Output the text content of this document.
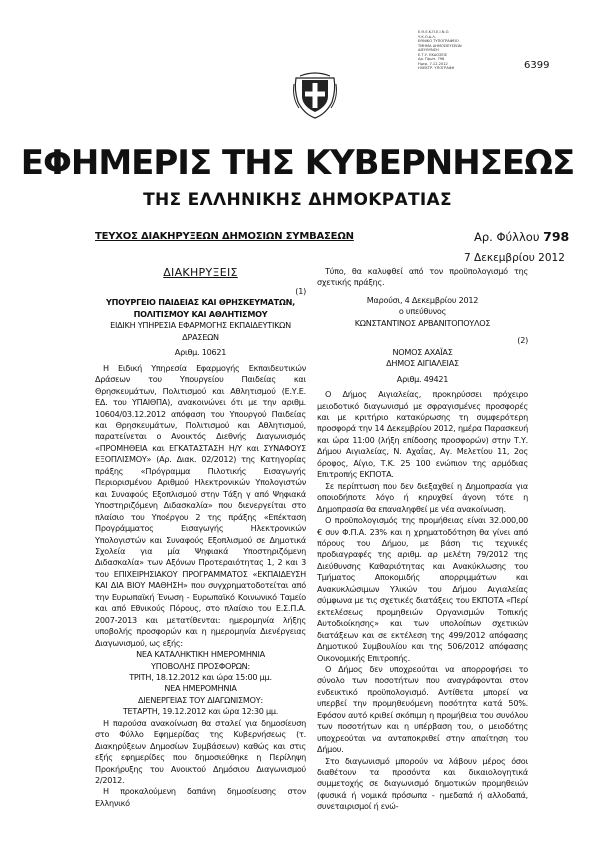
Ε.Θ.Ε.Κ.Π.Ε.Ι.Ν.Ο.
Υ.Κ.Ο.Δ.Λ.
ΕΘΝΙΚΟ ΤΥΠΟΓΡΑΦΕΙΟ
ΤΜΗΜΑ ΔΗΜΟΣΙΕΥΣΕΩΝ
ΔΙΕΥΘΥΝΣΗ
Ε.Τ.Υ. ΕΚΔΟΣΕΙΣ
Αρ. Πρωτ. 798
Ημερ. 7.12.2012
ΗΛΕΚΤΡ. ΥΠΟΓΡΑΦΗ	6399
ΕΦΗΜΕΡΙΣ ΤΗΣ ΚΥΒΕΡΝΗΣΕΩΣ
ΤΗΣ ΕΛΛΗΝΙΚΗΣ ΔΗΜΟΚΡΑΤΙΑΣ
ΤΕΥΧΟΣ ΔΙΑΚΗΡΥΞΕΩΝ ΔΗΜΟΣΙΩΝ ΣΥΜΒΑΣΕΩΝ	Αρ. Φύλλου 798
7 Δεκεμβρίου 2012
ΔΙΑΚΗΡΥΞΕΙΣ
(1)
ΥΠΟΥΡΓΕΙΟ ΠΑΙΔΕΙΑΣ ΚΑΙ ΘΡΗΣΚΕΥΜΑΤΩΝ, ΠΟΛΙΤΙΣΜΟΥ ΚΑΙ ΑΘΛΗΤΙΣΜΟΥ
ΕΙΔΙΚΗ ΥΠΗΡΕΣΙΑ ΕΦΑΡΜΟΓΗΣ ΕΚΠΑΙΔΕΥΤΙΚΩΝ ΔΡΑΣΕΩΝ
Αριθμ. 10621

Η Ειδική Υπηρεσία Εφαρμογής Εκπαιδευτικών Δράσεων του Υπουργείου Παιδείας και Θρησκευμάτων, Πολιτισμού και Αθλητισμού (Ε.Υ.Ε. ΕΔ. του ΥΠΑΙΘΠΑ), ανακοινώνει ότι με την αριθμ. 10604/03.12.2012 απόφαση του Υπουργού Παιδείας και Θρησκευμάτων, Πολιτισμού και Αθλητισμού, παρατείνεται ο Ανοικτός Διεθνής Διαγωνισμός «ΠΡΟΜΗΘΕΙΑ και ΕΓΚΑΤΑΣΤΑΣΗ Η/Υ και ΣΥΝΑΦΟΥΣ ΕΞΟΠΛΙΣΜΟΥ» (Αρ. Διακ. 02/2012) της Κατηγορίας πράξης «Πρόγραμμα Πιλοτικής Εισαγωγής Περιορισμένου Αριθμού Ηλεκτρονικών Υπολογιστών και Συναφούς Εξοπλισμού στην Τάξη γ από Ψηφιακά Υποστηριζόμενη Διδασκαλία» που διενεργείται στο πλαίσιο του Υποέργου 2 της πράξης «Επέκταση Προγράμματος Εισαγωγής Ηλεκτρονικών Υπολογιστών και Συναφούς Εξοπλισμού σε Δημοτικά Σχολεία για μία Ψηφιακά Υποστηριζόμενη Διδασκαλία» των Αξόνων Προτεραιότητας 1, 2 και 3 του ΕΠΙΧΕΙΡΗΣΙΑΚΟΥ ΠΡΟΓΡΑΜΜΑΤΟΣ «ΕΚΠΑΙΔΕΥΣΗ ΚΑΙ ΔΙΑ ΒΙΟΥ ΜΑΘΗΣΗ» που συγχρηματοδοτείται από την Ευρωπαϊκή Ένωση - Ευρωπαϊκό Κοινωνικό Ταμείο και από Εθνικούς Πόρους, στο πλαίσιο του Ε.Σ.Π.Α. 2007-2013 και μετατίθενται: ημερομηνία λήξης υποβολής προσφορών και η ημερομηνία Διενέργειας Διαγωνισμού, ως εξής:

ΝΕΑ ΚΑΤΑΛΗΚΤΙΚΗ ΗΜΕΡΟΜΗΝΙΑ
ΥΠΟΒΟΛΗΣ ΠΡΟΣΦΟΡΩΝ:
ΤΡΙΤΗ, 18.12.2012 και ώρα 15:00 μμ.
ΝΕΑ ΗΜΕΡΟΜΗΝΙΑ
ΔΙΕΝΕΡΓΕΙΑΣ ΤΟΥ ΔΙΑΓΩΝΙΣΜΟΥ:
ΤΕΤΑΡΤΗ, 19.12.2012 και ώρα 12:30 μμ.

Η παρούσα ανακοίνωση θα σταλεί για δημοσίευση στο Φύλλο Εφημερίδας της Κυβερνήσεως (τ. Διακηρύξεων Δημοσίων Συμβάσεων) καθώς και στις εξής εφημερίδες που δημοσιεύθηκε η Περίληψη Προκήρυξης του Ανοικτού Δημόσιου Διαγωνισμού 2/2012.

Η προκαλούμενη δαπάνη δημοσίευσης στον Ελληνικό

Τύπο, θα καλυφθεί από τον προϋπολογισμό της σχετικής πράξης.

Μαρούσι, 4 Δεκεμβρίου 2012
ο υπεύθυνος
ΚΩΝΣΤΑΝΤΙΝΟΣ ΑΡΒΑΝΙΤΟΠΟΥΛΟΣ
(2)
ΝΟΜΟΣ ΑΧΑΪΑΣ
ΔΗΜΟΣ ΑΙΓΙΑΛΕΙΑΣ
Αριθμ. 49421

Ο Δήμος Αιγιαλείας, προκηρύσσει πρόχειρο μειοδοτικό διαγωνισμό με σφραγισμένες προσφορές και με κριτήριο κατακύρωσης τη συμφερότερη προσφορά την 14 Δεκεμβρίου 2012, ημέρα Παρασκευή και ώρα 11:00 (λήξη επίδοσης προσφορών) στην Τ.Υ. Δήμου Αιγιαλείας, Ν. Αχαΐας, Αγ. Μελετίου 11, 2ος όροφος, Αίγιο, Τ.Κ. 25 100 ενώπιον της αρμόδιας Επιτροπής ΕΚΠΟΤΑ.

Σε περίπτωση που δεν διεξαχθεί η Δημοπρασία για οποιοδήποτε λόγο ή κηρυχθεί άγονη τότε η Δημοπρασία θα επαναληφθεί με νέα ανακοίνωση.

Ο προϋπολογισμός της προμήθειας είναι 32.000,00 € συν Φ.Π.Α. 23% και η χρηματοδότηση θα γίνει από πόρους του Δήμου, με βάση τις τεχνικές προδιαγραφές της αριθμ. αρ μελέτη 79/2012 της Διεύθυνσης Καθαριότητας και Ανακύκλωσης του Τμήματος Αποκομιδής απορριμμάτων και Ανακυκλώσιμων Υλικών του Δήμου Αιγιαλείας σύμφωνα με τις σχετικές διατάξεις του ΕΚΠΟΤΑ «Περί εκτελέσεως προμηθειών Οργανισμών Τοπικής Αυτοδιοίκησης» και των υπολοίπων σχετικών διατάξεων και σε εκτέλεση της 499/2012 απόφασης Δημοτικού Συμβουλίου και της 506/2012 απόφασης Οικονομικής Επιτροπής.

Ο Δήμος δεν υποχρεούται να απορροφήσει το σύνολο των ποσοτήτων που αναγράφονται στον ενδεικτικό προϋπολογισμό. Αντίθετα μπορεί να υπερβεί την προμηθευόμενη ποσότητα κατά 50%. Εφόσον αυτό κριθεί σκόπιμη η προμήθεια του συνόλου των ποσοτήτων και η υπέρβαση του, ο μειοδότης υποχρεούται να ανταποκριθεί στην απαίτηση του Δήμου.

Στο διαγωνισμό μπορούν να λάβουν μέρος όσοι διαθέτουν τα προσόντα και δικαιολογητικά συμμετοχής σε διαγωνισμό δημοτικών προμηθειών (φυσικά ή νομικά πρόσωπα - ημεδαπά ή αλλοδαπά, συνεταιρισμοί ή ενώ-
